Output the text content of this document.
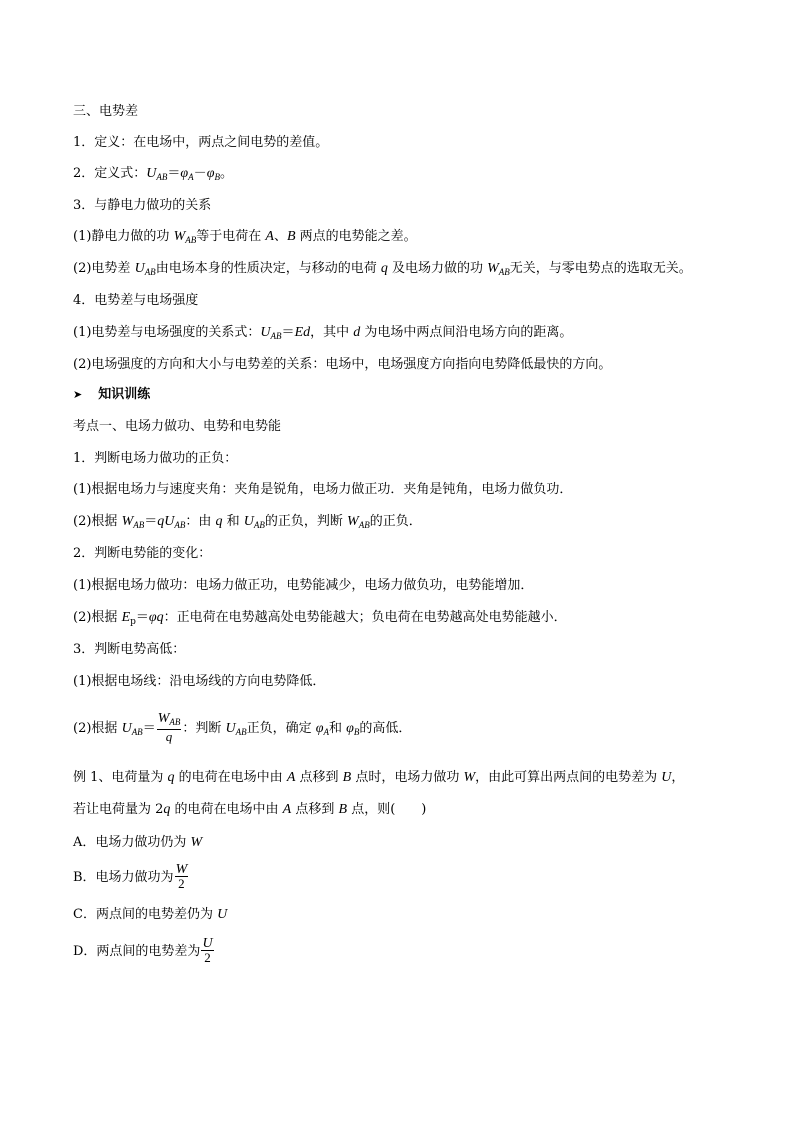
三、电势差
1．定义：在电场中，两点之间电势的差值。
2．定义式：$U_{AB}=\varphi_A-\varphi_B$。
3．与静电力做功的关系
(1)静电力做的功 $W_{AB}$等于电荷在 A、B 两点的电势能之差。
(2)电势差 $U_{AB}$由电场本身的性质决定，与移动的电荷 q 及电场力做的功 $W_{AB}$无关，与零电势点的选取无关。
4．电势差与电场强度
(1)电势差与电场强度的关系式：$U_{AB}=Ed$，其中 d 为电场中两点间沿电场方向的距离。
(2)电场强度的方向和大小与电势差的关系：电场中，电场强度方向指向电势降低最快的方向。
➤ 知识训练
考点一、电场力做功、电势和电势能
1．判断电场力做功的正负：
(1)根据电场力与速度夹角：夹角是锐角，电场力做正功．夹角是钝角，电场力做负功．
(2)根据 $W_{AB}=qU_{AB}$：由 q 和 $U_{AB}$的正负，判断 $W_{AB}$的正负．
2．判断电势能的变化：
(1)根据电场力做功：电场力做正功，电势能减少，电场力做负功，电势能增加．
(2)根据 $E_p=\varphi q$：正电荷在电势越高处电势能越大；负电荷在电势越高处电势能越小．
3．判断电势高低：
(1)根据电场线：沿电场线的方向电势降低．
(2)根据 $U_{AB}= \frac{W_{AB}}{q}$ ：判断 $U_{AB}$正负，确定 $\varphi_A$和 $\varphi_B$的高低．
例 1、电荷量为 q 的电荷在电场中由 A 点移到 B 点时，电场力做功 W，由此可算出两点间的电势差为 U，
若让电荷量为 2q 的电荷在电场中由 A 点移到 B 点，则(　　)
A．电场力做功仍为 W
B．电场力做功为 $\frac{W}{2}$
C．两点间的电势差仍为 U
D．两点间的电势差为 $\frac{U}{2}$
